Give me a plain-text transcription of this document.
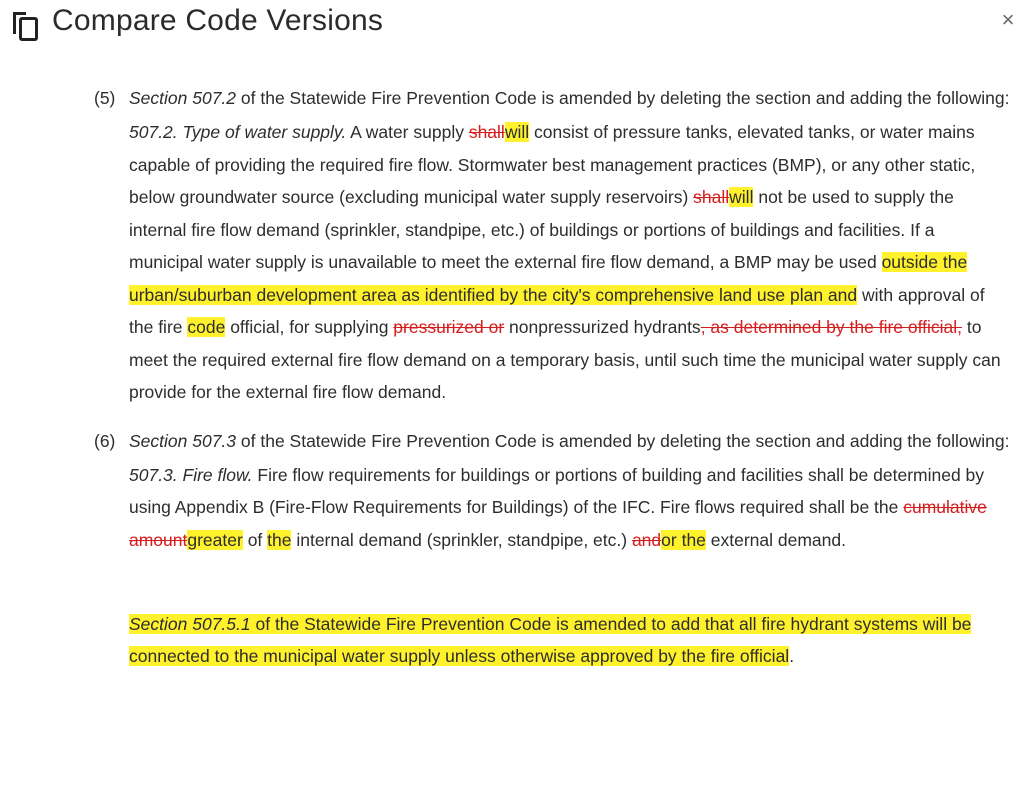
Compare Code Versions	×
(5) Section 507.2 of the Statewide Fire Prevention Code is amended by deleting the section and adding the following:
507.2. Type of water supply. A water supply shallwill consist of pressure tanks, elevated tanks, or water mains capable of providing the required fire flow. Stormwater best management practices (BMP), or any other static, below groundwater source (excluding municipal water supply reservoirs) shallwill not be used to supply the internal fire flow demand (sprinkler, standpipe, etc.) of buildings or portions of buildings and facilities. If a municipal water supply is unavailable to meet the external fire flow demand, a BMP may be used outside the urban/suburban development area as identified by the city's comprehensive land use plan and with approval of the fire code official, for supplying pressurized or nonpressurized hydrants, as determined by the fire official, to meet the required external fire flow demand on a temporary basis, until such time the municipal water supply can provide for the external fire flow demand.
(6) Section 507.3 of the Statewide Fire Prevention Code is amended by deleting the section and adding the following:
507.3. Fire flow. Fire flow requirements for buildings or portions of building and facilities shall be determined by using Appendix B (Fire-Flow Requirements for Buildings) of the IFC. Fire flows required shall be the cumulative amountgreater of the internal demand (sprinkler, standpipe, etc.) andor the external demand.
Section 507.5.1 of the Statewide Fire Prevention Code is amended to add that all fire hydrant systems will be connected to the municipal water supply unless otherwise approved by the fire official.
